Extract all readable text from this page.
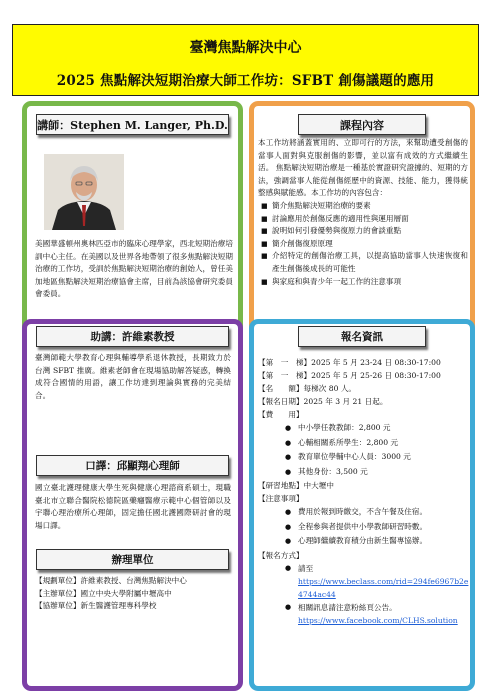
臺灣焦點解決中心
2025 焦點解決短期治療大師工作坊：SFBT 創傷議題的應用
講師：Stephen M. Langer, Ph.D.
美國華盛頓州奧林匹亞市的臨床心理學家，西北短期治療培訓中心主任。在美國以及世界各地帶領了很多焦點解決短期治療的工作坊，受訓於焦點解決短期治療的創始人，曾任美加地區焦點解決短期治療協會主席，目前為該協會研究委員會委員。
課程內容
本工作坊將涵蓋實用的、立即可行的方法，來幫助遭受創傷的當事人面對與克服創傷的影響，並以富有成效的方式繼續生活。 焦點解決短期治療是一種基於實證研究證據的、短期的方法，強調當事人能從創傷經歷中的資源、技能、能力，獲得統整感與賦能感。本工作坊的內容包含：
■ 簡介焦點解決短期治療的要素
■ 討論應用於創傷反應的適用性與運用層面
■ 說明如何引發優勢與復原力的會談重點
■ 簡介創傷復原原理
■ 介紹特定的創傷治療工具，以提高協助當事人快速恢復和產生創傷後成長的可能性
■ 與家庭和與青少年一起工作的注意事項
助講：許維素教授
臺灣師範大學教育心理與輔導學系退休教授，長期致力於台灣 SFBT 推廣。維素老師會在現場協助解答疑惑，轉換成符合國情的用語，讓工作坊達到理論與實務的完美結合。
口譯：邱顯翔心理師
國立臺北護理健康大學生死與健康心理諮商系碩士，現職臺北市立聯合醫院松德院區藥癮醫療示範中心個管師以及宇聯心理治療所心理師，固定擔任國北護國際研討會的現場口譯。
辦理單位
【規劃單位】許維素教授、台灣焦點解決中心
【主辦單位】國立中央大學附屬中壢高中
【協辦單位】新生醫護管理專科學校
報名資訊
【第　一　梯】2025 年 5 月 23-24 日 08:30-17:00
【第　一　梯】2025 年 5 月 25-26 日 08:30-17:00
【名　　額】每梯次 80 人。
【報名日期】2025 年 3 月 21 日起。
【費　　用】
● 中小學任教教師：2,800 元
● 心輔相關系所學生：2,800 元
● 教育單位學輔中心人員：3000 元
● 其他身份：3,500 元
【研習地點】中大壢中
【注意事項】
● 費用於報到時繳交，不含午餐及住宿。
● 全程參與者提供中小學教師研習時數。
● 心理師繼續教育積分由新生醫專協辦。
【報名方式】
● 請至
https://www.beclass.com/rid=294fe6967b2e4744ac44
● 相關訊息請注意粉絲頁公告。
https://www.facebook.com/CLHS.solution
